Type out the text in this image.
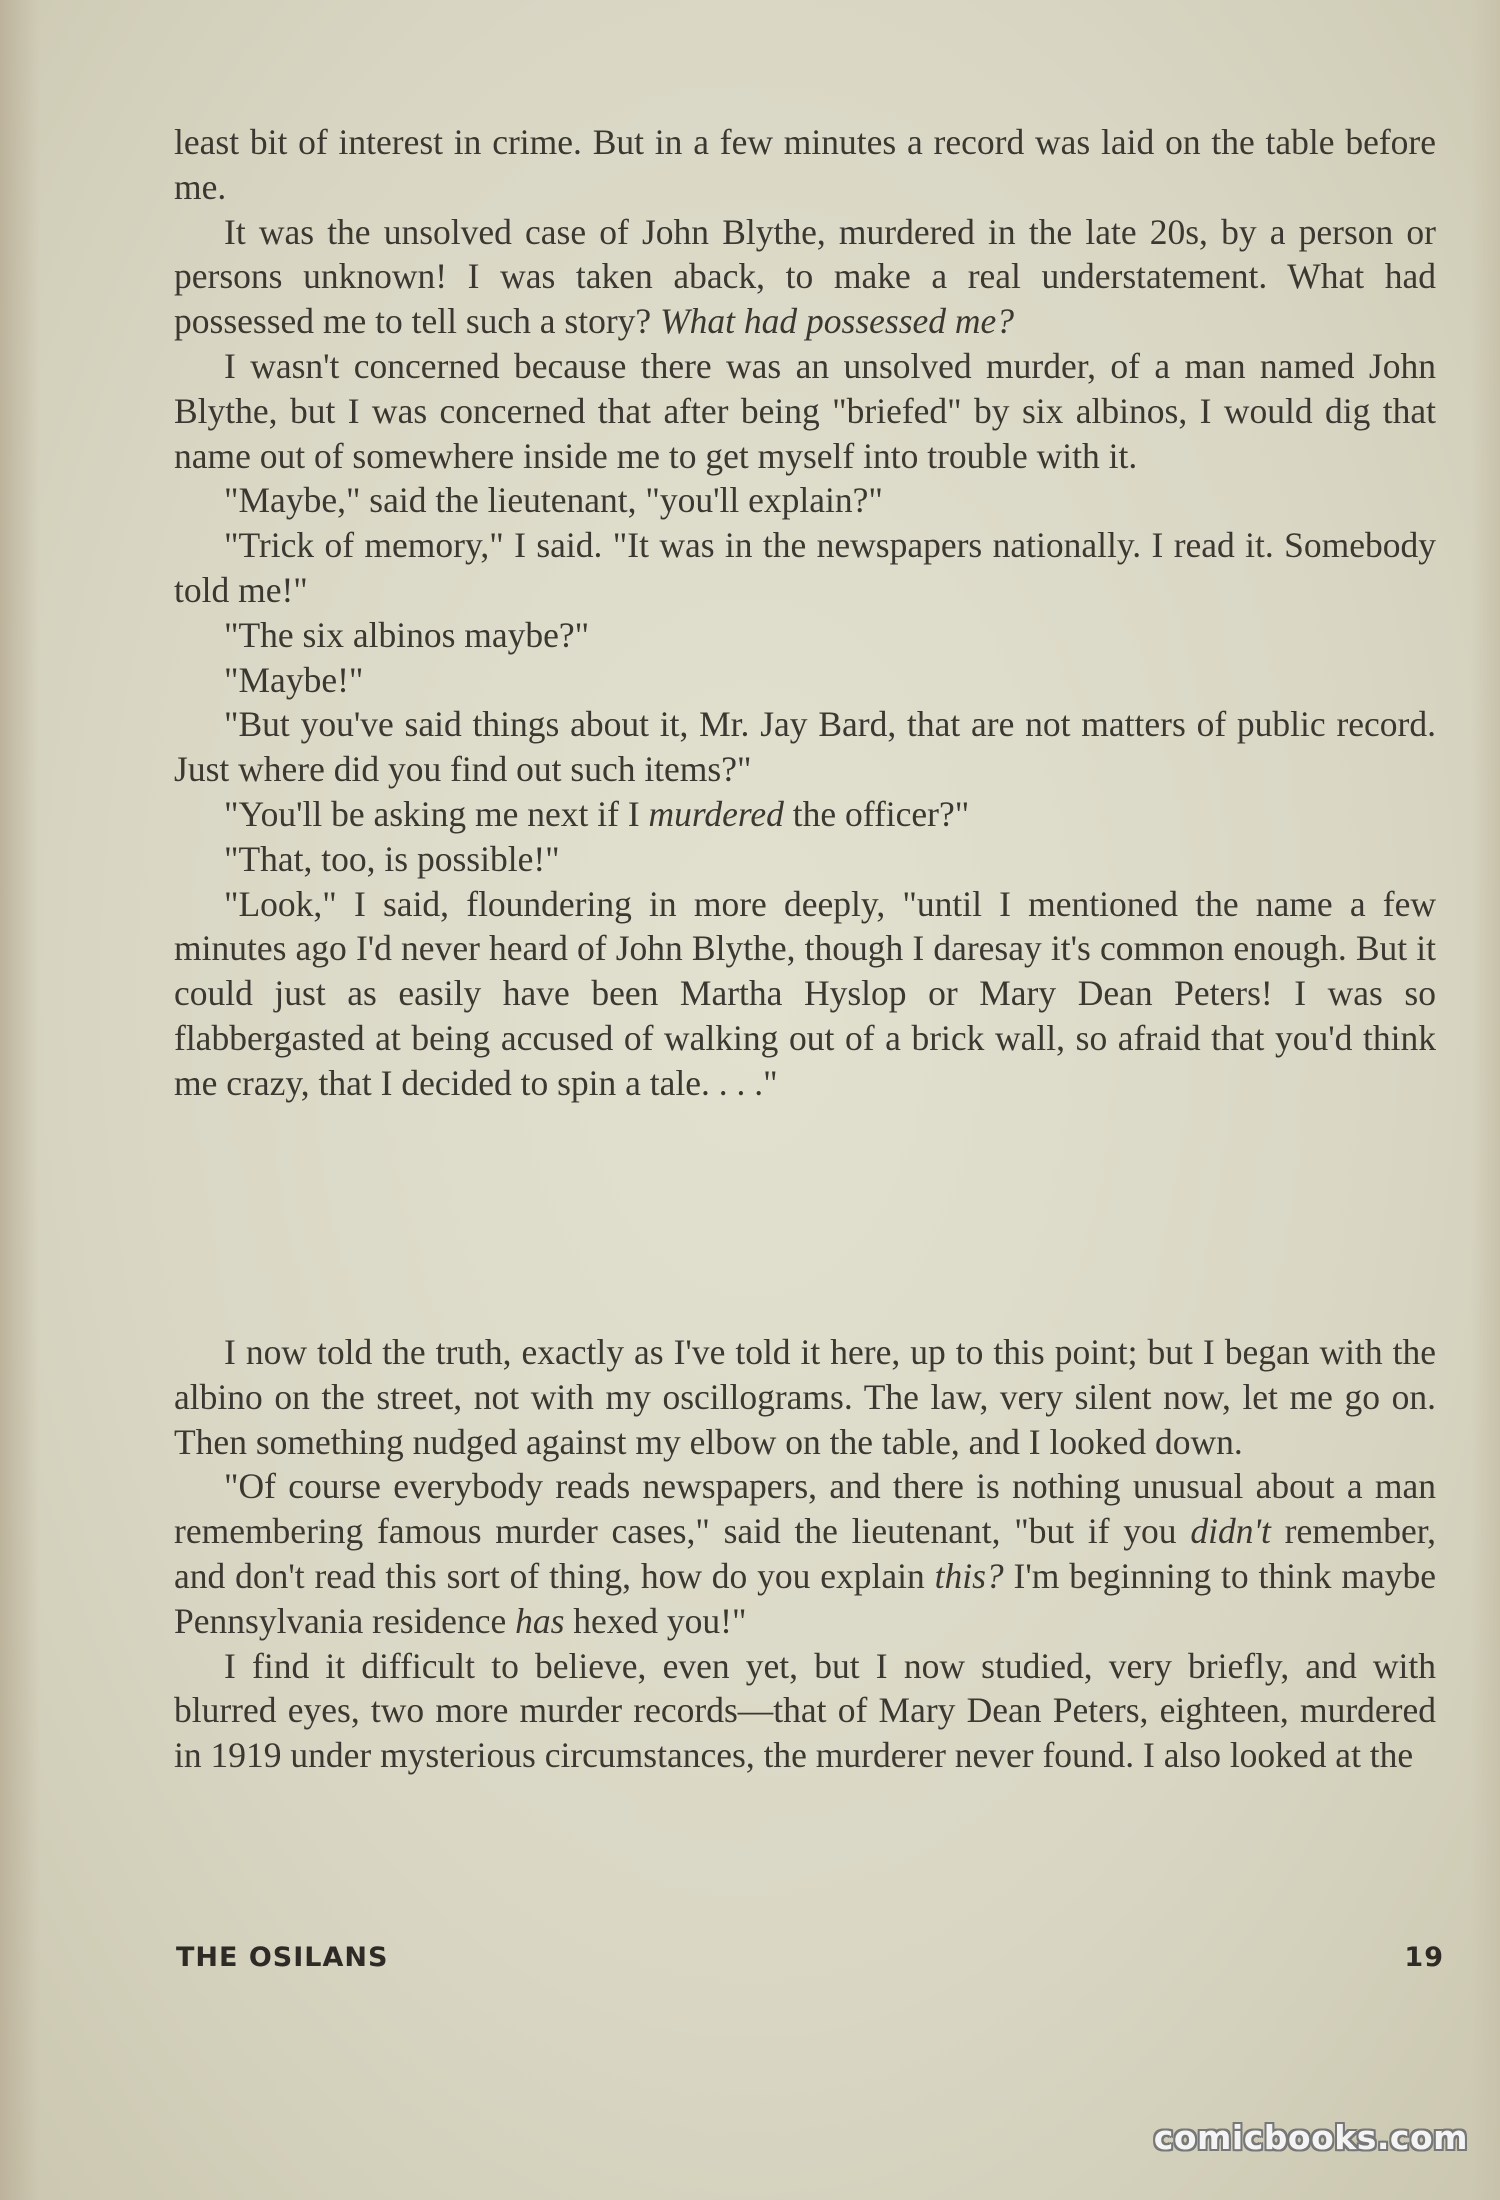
least bit of interest in crime. But in a few minutes a record was laid on the table before me.

It was the unsolved case of John Blythe, murdered in the late 20s, by a person or persons unknown! I was taken aback, to make a real understatement. What had possessed me to tell such a story? What had possessed me?

I wasn't concerned because there was an unsolved murder, of a man named John Blythe, but I was concerned that after being "briefed" by six albinos, I would dig that name out of somewhere inside me to get myself into trouble with it.

"Maybe," said the lieutenant, "you'll explain?"

"Trick of memory," I said. "It was in the newspapers nationally. I read it. Somebody told me!"

"The six albinos maybe?"

"Maybe!"

"But you've said things about it, Mr. Jay Bard, that are not matters of public record. Just where did you find out such items?"

"You'll be asking me next if I murdered the officer?"

"That, too, is possible!"

"Look," I said, floundering in more deeply, "until I mentioned the name a few minutes ago I'd never heard of John Blythe, though I daresay it's common enough. But it could just as easily have been Martha Hyslop or Mary Dean Peters! I was so flabbergasted at being accused of walking out of a brick wall, so afraid that you'd think me crazy, that I decided to spin a tale. . . ."

I now told the truth, exactly as I've told it here, up to this point; but I began with the albino on the street, not with my oscillograms. The law, very silent now, let me go on. Then something nudged against my elbow on the table, and I looked down.

"Of course everybody reads newspapers, and there is nothing unusual about a man remembering famous murder cases," said the lieutenant, "but if you didn't remember, and don't read this sort of thing, how do you explain this? I'm beginning to think maybe Pennsylvania residence has hexed you!"

I find it difficult to believe, even yet, but I now studied, very briefly, and with blurred eyes, two more murder records—that of Mary Dean Peters, eighteen, murdered in 1919 under mysterious circumstances, the murderer never found. I also looked at the

THE OSILANS	19
comicbooks.com
